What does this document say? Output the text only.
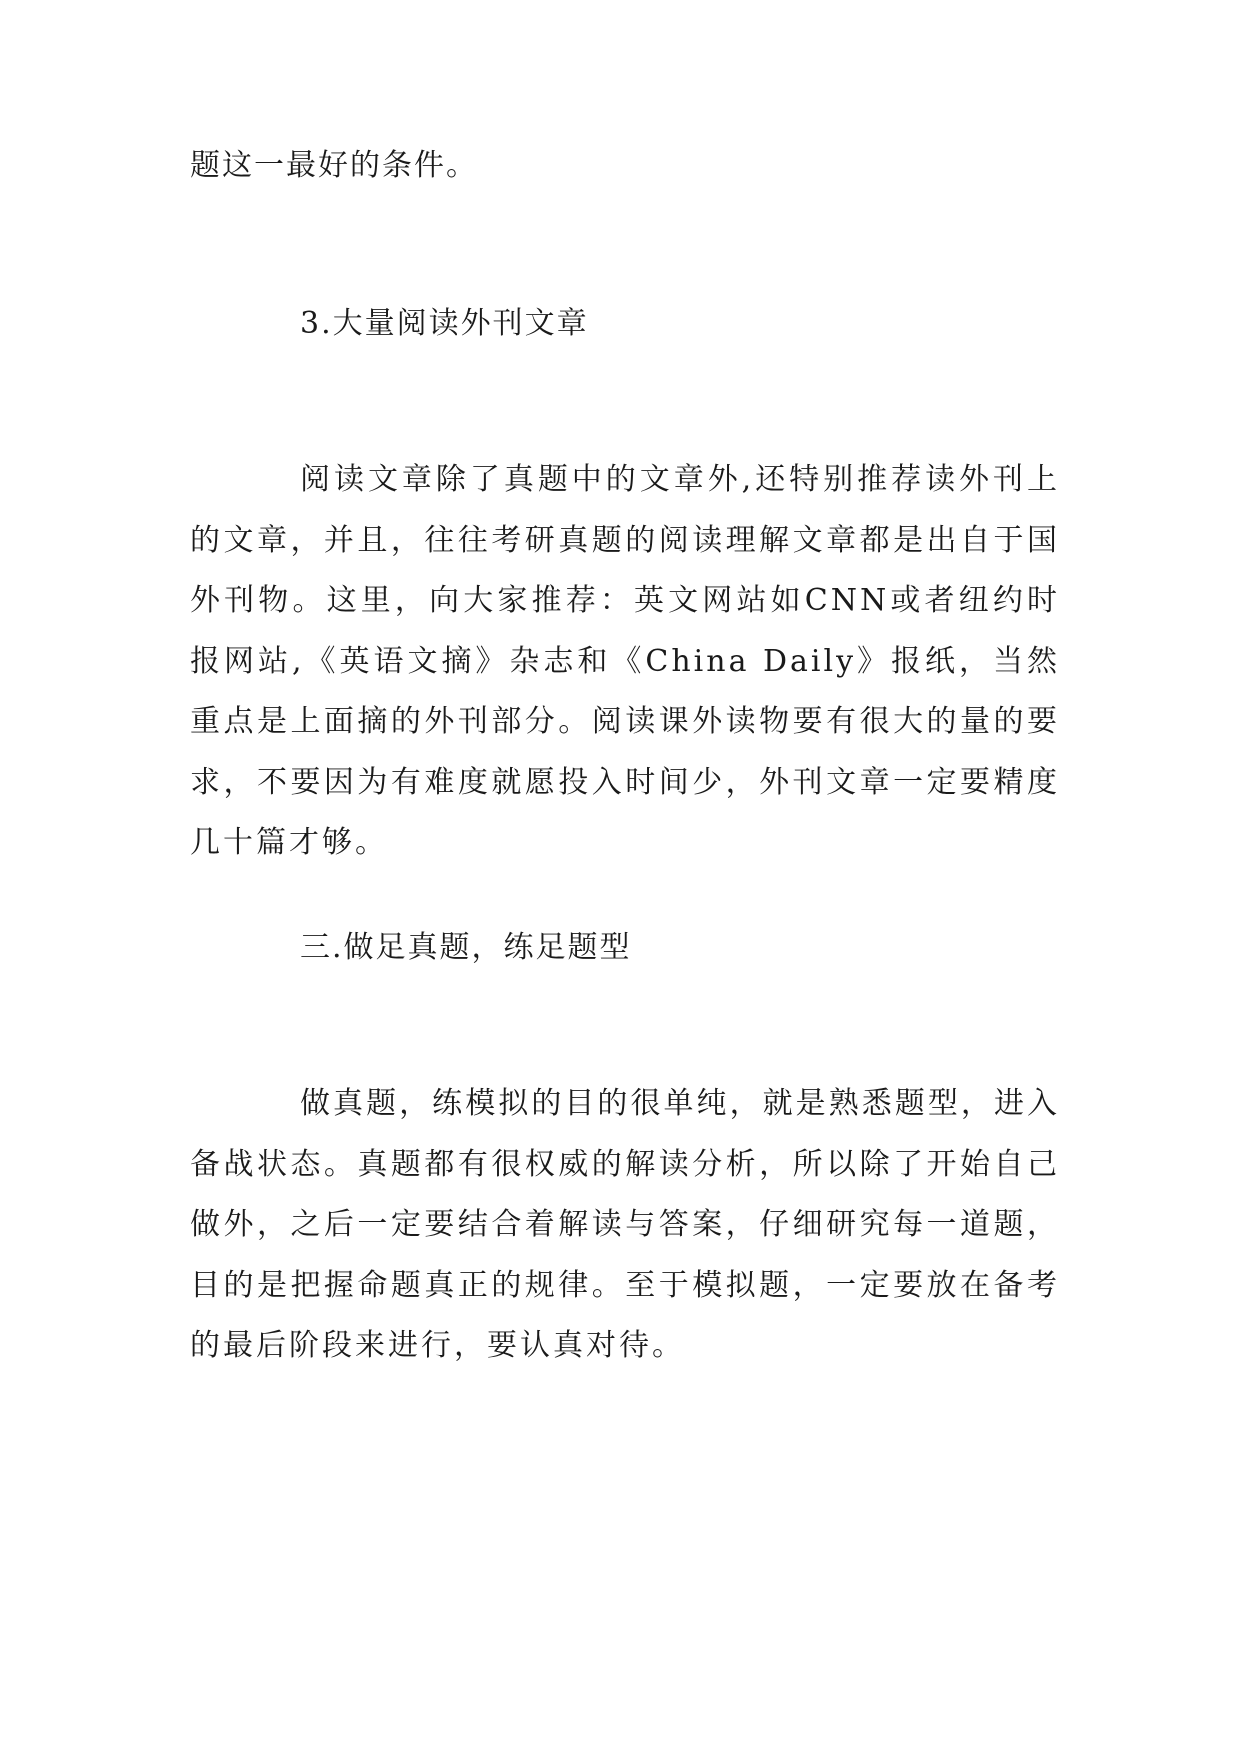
题这一最好的条件。
3.大量阅读外刊文章
阅读文章除了真题中的文章外,还特别推荐读外刊上的文章，并且，往往考研真题的阅读理解文章都是出自于国外刊物。这里，向大家推荐：英文网站如CNN或者纽约时报网站,《英语文摘》杂志和《China Daily》报纸，当然重点是上面摘的外刊部分。阅读课外读物要有很大的量的要求，不要因为有难度就愿投入时间少，外刊文章一定要精度几十篇才够。
三.做足真题，练足题型
做真题，练模拟的目的很单纯，就是熟悉题型，进入备战状态。真题都有很权威的解读分析，所以除了开始自己做外，之后一定要结合着解读与答案，仔细研究每一道题，目的是把握命题真正的规律。至于模拟题，一定要放在备考的最后阶段来进行，要认真对待。
